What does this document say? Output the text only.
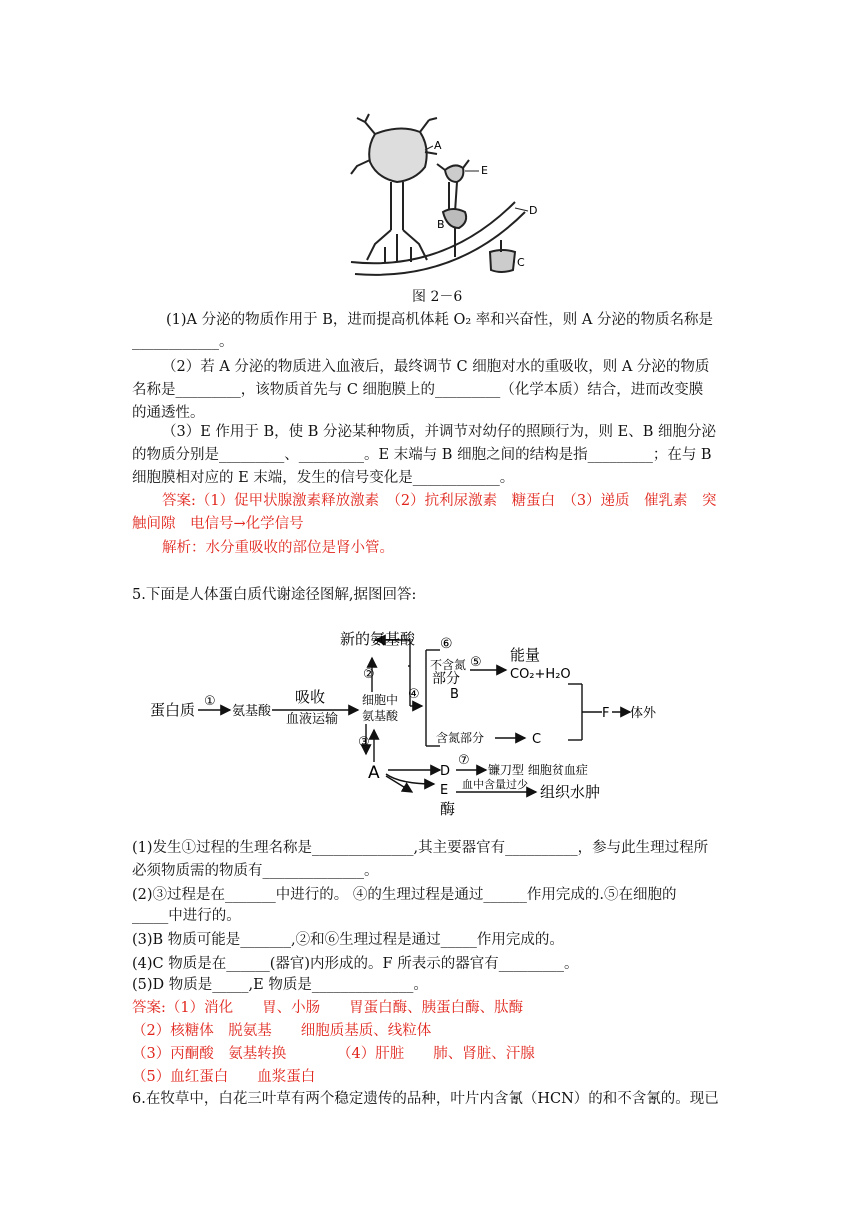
A
E
B
D
C
图 2－6
(1)A 分泌的物质作用于 B，进而提高机体耗 O₂ 率和兴奋性，则 A 分泌的物质名称是
____________。
（2）若 A 分泌的物质进入血液后，最终调节 C 细胞对水的重吸收，则 A 分泌的物质
名称是_________，该物质首先与 C 细胞膜上的_________（化学本质）结合，进而改变膜
的通透性。
（3）E 作用于 B，使 B 分泌某种物质，并调节对幼仔的照顾行为，则 E、B 细胞分泌
的物质分别是_________、_________。E 末端与 B 细胞之间的结构是指_________；在与 B
细胞膜相对应的 E 末端，发生的信号变化是____________。
答案:（1）促甲状腺激素释放激素　（2）抗利尿激素　糖蛋白　（3）递质　催乳素　突
触间隙　电信号→化学信号
解析：水分重吸收的部位是肾小管。
5.下面是人体蛋白质代谢途径图解,据图回答:
蛋白质 ①
氨基酸
吸收
血液运输
细胞中
氨基酸
新的氨基酸
②
③
④
⑥
不含氮 ⑤
部分
B
能量
CO₂+H₂O
含氮部分	C
F 体外
A	D
⑦
镰刀型 细胞贫血症
E
酶
血中含量过少 组织水肿
(1)发生①过程的生理名称是______________,其主要器官有__________，参与此生理过程所
必须物质需的物质有______________。
(2)③过程是在_______中进行的。 ④的生理过程是通过______作用完成的.⑤在细胞的
_____中进行的。
(3)B 物质可能是_______,②和⑥生理过程是通过_____作用完成的。
(4)C 物质是在______(器官)内形成的。F 所表示的器官有_________。
(5)D 物质是_____,E 物质是______________。
答案:（1）消化　　胃、小肠　　胃蛋白酶、胰蛋白酶、肽酶
（2）核糖体　脱氨基　　细胞质基质、线粒体
（3）丙酮酸　氨基转换　　　　（4）肝脏　　肺、肾脏、汗腺
（5）血红蛋白　　血浆蛋白
6.在牧草中，白花三叶草有两个稳定遗传的品种，叶片内含氰（HCN）的和不含氰的。现已
